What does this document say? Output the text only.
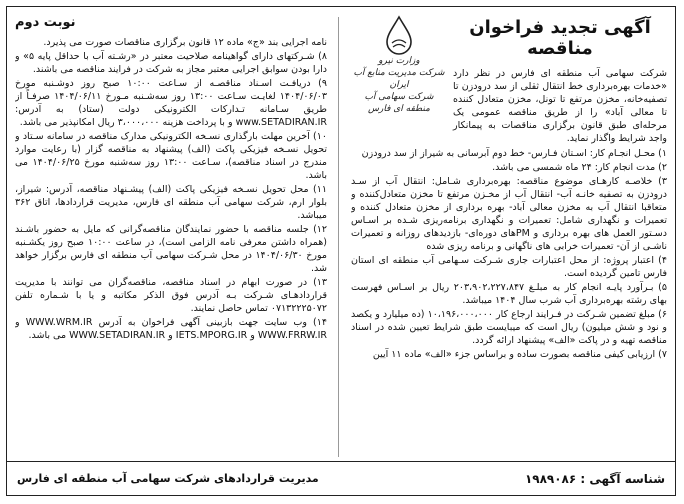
آگهی تجدید فراخوان مناقصه
شرکت سهامی آب منطقه ای فارس در نظر دارد «خدمات بهره‌برداری خط انتقال ثقلی از سد درودزن تا تصفیه‌خانه، مخزن مرتفع تا تونل، مخزن متعادل کننده تا معالی آباد» را از طریق مناقصه عمومی یک مرحله‌ای طبق قانون برگزاری مناقصات به پیمانکار واجد شرایط واگذار نماید.
وزارت نیرو
شرکت مدیریت منابع آب ایران
شرکت سهامی آب منطقه ای فارس
۱) محـل انجـام کار: اسـتان فـارس- خط دوم آبرسانی به شیراز از سد درودزن
۲) مدت انجام کار: ۲۴ ماه شمسی می باشد.
۳) خلاصـه کارهـای موضوع مناقصه: بهره‌برداری شـامل: انتقال آب از سـد درودزن به تصفیه خانـه آب- انتقال آب از مخـزن مرتفع تا مخزن متعادل‌کننده و متعاقبا انتقال آب به مخزن معالی آباد- بهره برداری از مخزن متعادل کننده و تعمیرات و نگهداری شامل: تعمیرات و نگهداری برنامه‌ریزی شـده بر اسـاس دسـتور العمل های بهره برداری و PMهای دوره‌ای- بازدیدهای روزانه و تعمیرات ناشـی از آن- تعمیرات خرابی های ناگهانی و برنامه ریزی شده
۴) اعتبار پروژه: از محل اعتبارات جاری شـرکت سـهامی آب منطقه ای استان فارس تامین گردیده است.
۵) بـرآورد پایـه انجام کار به مبلـغ ۲۰۳،۹۰۲،۲۲۷،۸۴۷ ریال بر اسـاس فهرست بهای رشته بهره‌برداری آب شرب سال ۱۴۰۴ میباشد.
۶) مبلغ تضمین شـرکت در فـرایند ارجاع کار ۱۰،۱۹۶،۰۰۰،۰۰۰ (ده میلیارد و یکصد و نود و شش میلیون) ریال است که میبایست طبق شرایط تعیین شده در اسناد مناقصه تهیه و در پاکت «الف» پیشنهاد ارائه گردد.
۷) ارزیابی کیفی مناقصه بصورت ساده و براساس جزء «الف» ماده ۱۱ آیین
نوبت دوم
نامه اجرایی بند «ج» ماده ۱۲ قانون برگزاری مناقصات صورت می پذیرد.
۸) شـرکتهای دارای گواهینامه صلاحیت معتبر در «رشـته آب با حداقل پایه ۵» و دارا بودن سوابق اجرایی معتبر مجاز به شرکت در فرایند مناقصه می باشند.
۹) دریافـت اسـناد مناقصـه از سـاعت ۱۰:۰۰ صبح روز دوشـنبه مورخ ۱۴۰۴/۰۶/۰۳ لغایـت سـاعت ۱۳:۰۰ روز سه‌شـنبه مـورخ ۱۴۰۴/۰۶/۱۱ صرفـاً از طریق سـامانه تـدارکات الکترونیکی دولت (ستاد) به آدرس: www.SETADIRAN.IR و با پرداخت هزینه ۳،۰۰۰،۰۰۰ ریال امکانپذیر می باشد.
۱۰) آخرین مهلت بارگذاری نسـخه الکترونیکی مدارک مناقصه در سامانه سـتاد و تحویل نسـخه فیزیکی پاکت (الف) پیشنهاد به مناقصه گزار (با رعایت موارد مندرج در اسناد مناقصه)، سـاعت ۱۳:۰۰ روز سه‌شنبه مورخ ۱۴۰۴/۰۶/۲۵ می باشد.
۱۱) محل تحویل نسـخه فیزیکی پاکت (الف) پیشـنهاد مناقصه، آدرس: شیراز، بلوار ارم، شرکت سهامی آب منطقه ای فارس، مدیریت قراردادها، اتاق ۳۶۲ میباشد.
۱۲) جلسه مناقصه با حضور نمایندگان مناقصه‌گرانی که مایل به حضور باشـند (همراه داشتن معرفی نامه الزامی است)، در ساعت ۱۰:۰۰ صبح روز یکشـنبه مورخ ۱۴۰۴/۰۶/۳۰ در محل شـرکت سهامی آب منطقه ای فارس برگزار خواهد شد.
۱۳) در صورت ابهام در اسناد مناقصه، مناقصه‌گران می توانند با مدیریت قراردادهـای شـرکت بـه آدرس فوق الذکر مکاتبه و یا با شـماره تلفن ۰۷۱۳۲۲۲۵۰۷۲ تماس حاصل نمایند.
۱۴) وب سایت جهت بازبینی آگهی فراخوان به آدرس WWW.WRM.IR و WWW.FRRW.IR و IETS.MPORG.IR و WWW.SETADIRAN.IR می باشد.
شناسه آگهی : ۱۹۸۹۰۸۶
مدیریت قراردادهای شرکت سهامی آب منطقه ای فارس
